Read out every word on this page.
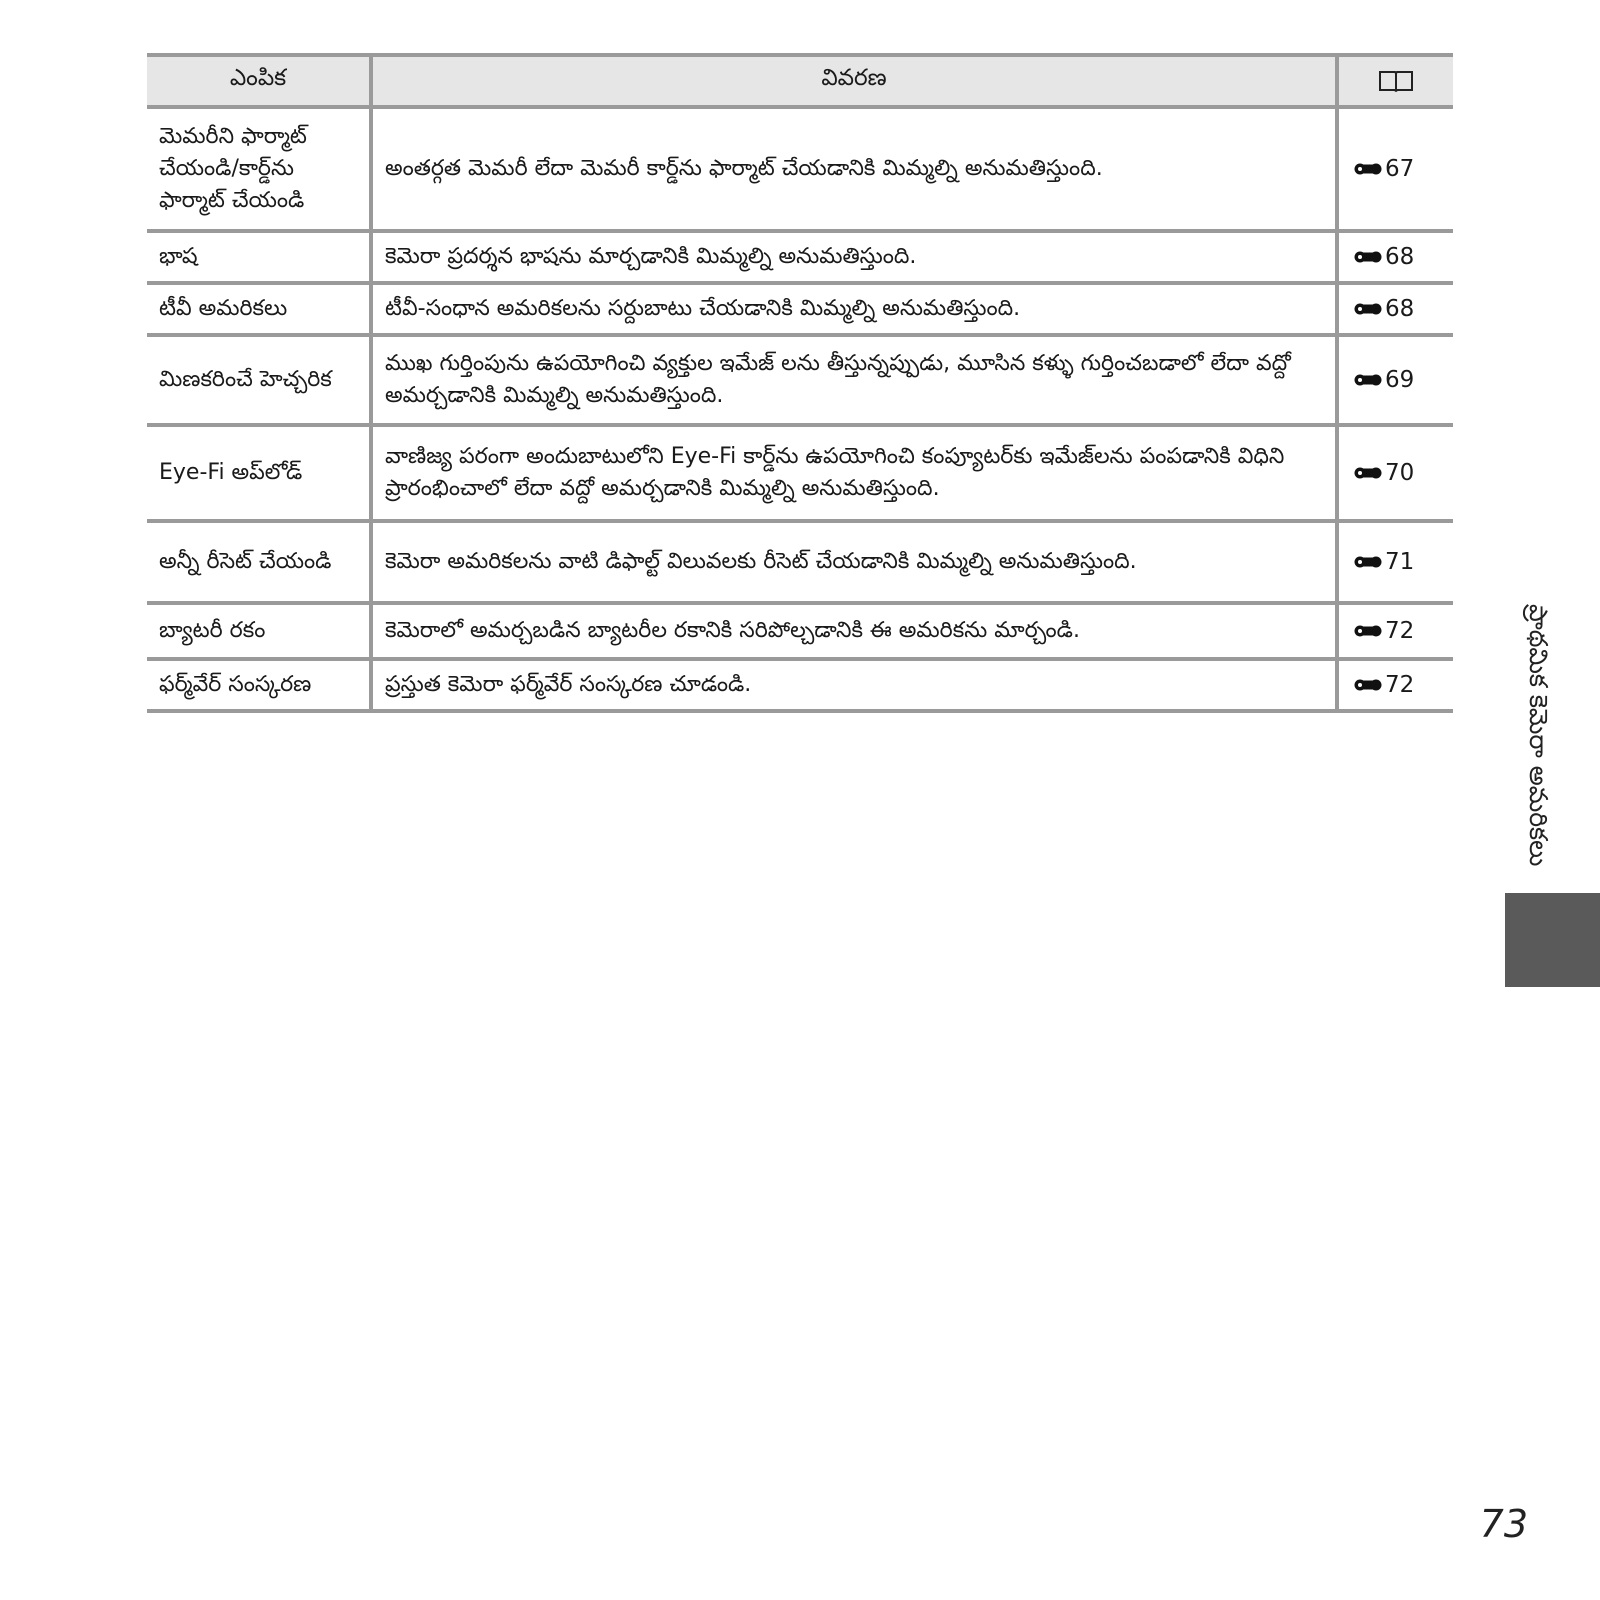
ఎంపిక	వివరణ	
మెమరీని ఫార్మాట్ చేయండి/కార్డ్‌ను ఫార్మాట్ చేయండి	అంతర్గత మెమరీ లేదా మెమరీ కార్డ్‌ను ఫార్మాట్ చేయడానికి మిమ్మల్ని అనుమతిస్తుంది.	67
భాష	కెమెరా ప్రదర్శన భాషను మార్చడానికి మిమ్మల్ని అనుమతిస్తుంది.	68
టీవీ అమరికలు	టీవీ-సంధాన అమరికలను సర్దుబాటు చేయడానికి మిమ్మల్ని అనుమతిస్తుంది.	68
మిణకరించే హెచ్చరిక	ముఖ గుర్తింపును ఉపయోగించి వ్యక్తుల ఇమేజ్ లను తీస్తున్నప్పుడు, మూసిన కళ్ళు గుర్తించబడాలో లేదా వద్దో అమర్చడానికి మిమ్మల్ని అనుమతిస్తుంది.	69
Eye-Fi అప్‌లోడ్	వాణిజ్య పరంగా అందుబాటులోని Eye-Fi కార్డ్‌ను ఉపయోగించి కంప్యూటర్‌కు ఇమేజ్‌లను పంపడానికి విధిని ప్రారంభించాలో లేదా వద్దో అమర్చడానికి మిమ్మల్ని అనుమతిస్తుంది.	70
అన్నీ రీసెట్ చేయండి	కెమెరా అమరికలను వాటి డిఫాల్ట్ విలువలకు రీసెట్ చేయడానికి మిమ్మల్ని అనుమతిస్తుంది.	71
బ్యాటరీ రకం	కెమెరాలో అమర్చబడిన బ్యాటరీల రకానికి సరిపోల్చడానికి ఈ అమరికను మార్చండి.	72
ఫర్మ్‌వేర్ సంస్కరణ	ప్రస్తుత కెమెరా ఫర్మ్‌వేర్ సంస్కరణ చూడండి.	72	ప్రాథమిక కెమెరా అమరికలు
73
